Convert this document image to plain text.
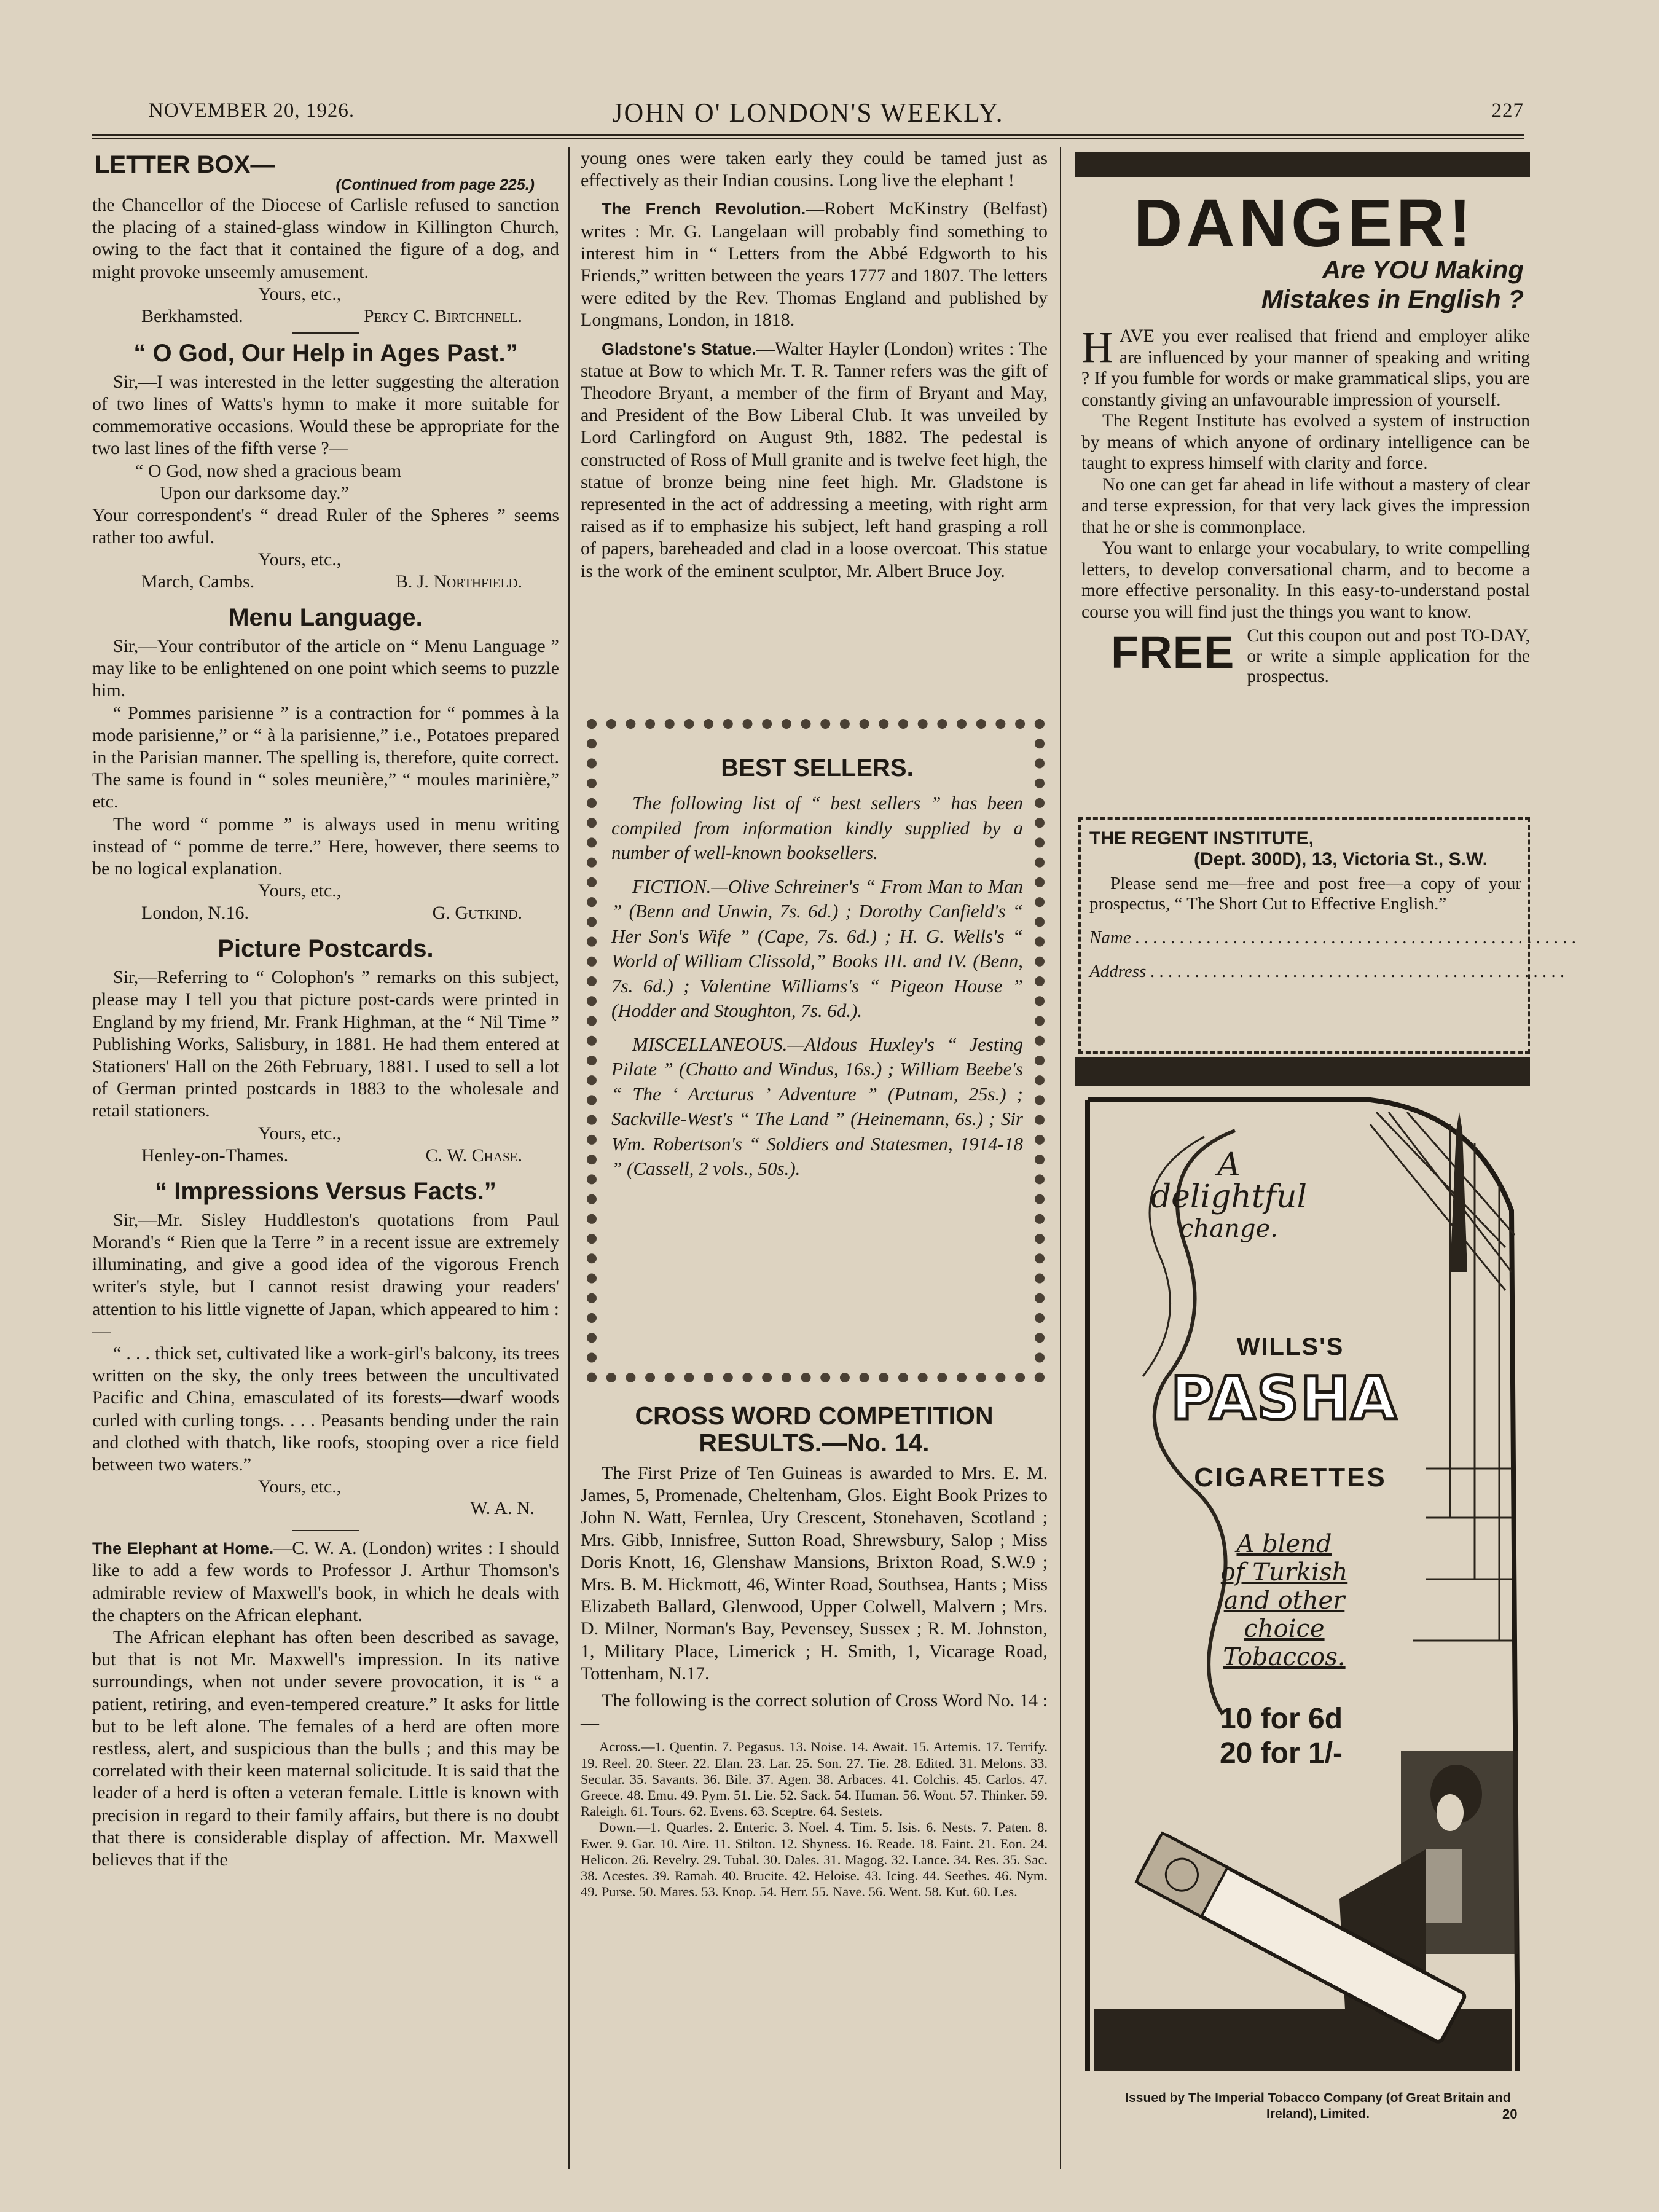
NOVEMBER 20, 1926.	JOHN O' LONDON'S WEEKLY.	227
LETTER BOX—
(Continued from page 225.)

the Chancellor of the Diocese of Carlisle refused to sanction the placing of a stained-glass window in Killington Church, owing to the fact that it contained the figure of a dog, and might provoke unseemly amusement.

Yours, etc.,
Berkhamsted.	Percy C. Birtchnell.
“ O God, Our Help in Ages Past.”

Sir,—I was interested in the letter suggesting the alteration of two lines of Watts's hymn to make it more suitable for commemorative occasions. Would these be appropriate for the two last lines of the fifth verse ?—

“ O God, now shed a gracious beam
Upon our darksome day.”

Your correspondent's “ dread Ruler of the Spheres ” seems rather too awful.

Yours, etc.,
March, Cambs.	B. J. Northfield.
Menu Language.

Sir,—Your contributor of the article on “ Menu Language ” may like to be enlightened on one point which seems to puzzle him.

“ Pommes parisienne ” is a contraction for “ pommes à la mode parisienne,” or “ à la parisienne,” i.e., Potatoes prepared in the Parisian manner. The spelling is, therefore, quite correct. The same is found in “ soles meunière,” “ moules marinière,” etc.

The word “ pomme ” is always used in menu writing instead of “ pomme de terre.” Here, however, there seems to be no logical explanation.

Yours, etc.,
London, N.16.	G. Gutkind.
Picture Postcards.

Sir,—Referring to “ Colophon's ” remarks on this subject, please may I tell you that picture post-cards were printed in England by my friend, Mr. Frank Highman, at the “ Nil Time ” Publishing Works, Salisbury, in 1881. He had them entered at Stationers' Hall on the 26th February, 1881. I used to sell a lot of German printed postcards in 1883 to the wholesale and retail stationers.

Yours, etc.,
Henley-on-Thames.	C. W. Chase.
“ Impressions Versus Facts.”

Sir,—Mr. Sisley Huddleston's quotations from Paul Morand's “ Rien que la Terre ” in a recent issue are extremely illuminating, and give a good idea of the vigorous French writer's style, but I cannot resist drawing your readers' attention to his little vignette of Japan, which appeared to him :—

“ . . . thick set, cultivated like a work-girl's balcony, its trees written on the sky, the only trees between the uncultivated Pacific and China, emasculated of its forests—dwarf woods curled with curling tongs. . . . Peasants bending under the rain and clothed with thatch, like roofs, stooping over a rice field between two waters.”

Yours, etc.,
W. A. N.

The Elephant at Home.—C. W. A. (London) writes : I should like to add a few words to Professor J. Arthur Thomson's admirable review of Maxwell's book, in which he deals with the chapters on the African elephant.

The African elephant has often been described as savage, but that is not Mr. Maxwell's impression. In its native surroundings, when not under severe provocation, it is “ a patient, retiring, and even-tempered creature.” It asks for little but to be left alone. The females of a herd are often more restless, alert, and suspicious than the bulls ; and this may be correlated with their keen maternal solicitude. It is said that the leader of a herd is often a veteran female. Little is known with precision in regard to their family affairs, but there is no doubt that there is considerable display of affection. Mr. Maxwell believes that if the

young ones were taken early they could be tamed just as effectively as their Indian cousins. Long live the elephant !

The French Revolution.—Robert McKinstry (Belfast) writes : Mr. G. Langelaan will probably find something to interest him in “ Letters from the Abbé Edgworth to his Friends,” written between the years 1777 and 1807. The letters were edited by the Rev. Thomas England and published by Longmans, London, in 1818.

Gladstone's Statue.—Walter Hayler (London) writes : The statue at Bow to which Mr. T. R. Tanner refers was the gift of Theodore Bryant, a member of the firm of Bryant and May, and President of the Bow Liberal Club. It was unveiled by Lord Carlingford on August 9th, 1882. The pedestal is constructed of Ross of Mull granite and is twelve feet high, the statue of bronze being nine feet high. Mr. Gladstone is represented in the act of addressing a meeting, with right arm raised as if to emphasize his subject, left hand grasping a roll of papers, bareheaded and clad in a loose overcoat. This statue is the work of the eminent sculptor, Mr. Albert Bruce Joy.

BEST SELLERS.

The following list of “ best sellers ” has been compiled from information kindly supplied by a number of well-known booksellers.

FICTION.—Olive Schreiner's “ From Man to Man ” (Benn and Unwin, 7s. 6d.) ; Dorothy Canfield's “ Her Son's Wife ” (Cape, 7s. 6d.) ; H. G. Wells's “ World of William Clissold,” Books III. and IV. (Benn, 7s. 6d.) ; Valentine Williams's “ Pigeon House ” (Hodder and Stoughton, 7s. 6d.).

MISCELLANEOUS.—Aldous Huxley's “ Jesting Pilate ” (Chatto and Windus, 16s.) ; William Beebe's “ The ‘ Arcturus ’ Adventure ” (Putnam, 25s.) ; Sackville-West's “ The Land ” (Heinemann, 6s.) ; Sir Wm. Robertson's “ Soldiers and Statesmen, 1914-18 ” (Cassell, 2 vols., 50s.).

CROSS WORD COMPETITION
RESULTS.—No. 14.

The First Prize of Ten Guineas is awarded to Mrs. E. M. James, 5, Promenade, Cheltenham, Glos. Eight Book Prizes to John N. Watt, Fernlea, Ury Crescent, Stonehaven, Scotland ; Mrs. Gibb, Innisfree, Sutton Road, Shrewsbury, Salop ; Miss Doris Knott, 16, Glenshaw Mansions, Brixton Road, S.W.9 ; Mrs. B. M. Hickmott, 46, Winter Road, Southsea, Hants ; Miss Elizabeth Ballard, Glenwood, Upper Colwell, Malvern ; Mrs. D. Milner, Norman's Bay, Pevensey, Sussex ; R. M. Johnston, 1, Military Place, Limerick ; H. Smith, 1, Vicarage Road, Tottenham, N.17.

The following is the correct solution of Cross Word No. 14 :—

Across.—1. Quentin. 7. Pegasus. 13. Noise. 14. Await. 15. Artemis. 17. Terrify. 19. Reel. 20. Steer. 22. Elan. 23. Lar. 25. Son. 27. Tie. 28. Edited. 31. Melons. 33. Secular. 35. Savants. 36. Bile. 37. Agen. 38. Arbaces. 41. Colchis. 45. Carlos. 47. Greece. 48. Emu. 49. Pym. 51. Lie. 52. Sack. 54. Human. 56. Wont. 57. Thinker. 59. Raleigh. 61. Tours. 62. Evens. 63. Sceptre. 64. Sestets.
Down.—1. Quarles. 2. Enteric. 3. Noel. 4. Tim. 5. Isis. 6. Nests. 7. Paten. 8. Ewer. 9. Gar. 10. Aire. 11. Stilton. 12. Shyness. 16. Reade. 18. Faint. 21. Eon. 24. Helicon. 26. Revelry. 29. Tubal. 30. Dales. 31. Magog. 32. Lance. 34. Res. 35. Sac. 38. Acestes. 39. Ramah. 40. Brucite. 42. Heloise. 43. Icing. 44. Seethes. 46. Nym. 49. Purse. 50. Mares. 53. Knop. 54. Herr. 55. Nave. 56. Went. 58. Kut. 60. Les.
DANGER!
Are YOU Making
Mistakes in English ?

HAVE you ever realised that friend and employer alike are influenced by your manner of speaking and writing ? If you fumble for words or make grammatical slips, you are constantly giving an unfavourable impression of yourself.

The Regent Institute has evolved a system of instruction by means of which anyone of ordinary intelligence can be taught to express himself with clarity and force.

No one can get far ahead in life without a mastery of clear and terse expression, for that very lack gives the impression that he or she is commonplace.

You want to enlarge your vocabulary, to write compelling letters, to develop conversational charm, and to become a more effective personality. In this easy-to-understand postal course you will find just the things you want to know.

FREE Cut this coupon out and post TO-DAY, or write a simple application for the prospectus.
THE REGENT INSTITUTE,
(Dept. 300D), 13, Victoria St., S.W.

Please send me—free and post free—a copy of your prospectus, “ The Short Cut to Effective English.”

Name . . . . . . . . . . . . . . . . . . . . . . . . . . . . . . . . . . . . . . . . . . . . . . . . . .
Address . . . . . . . . . . . . . . . . . . . . . . . . . . . . . . . . . . . . . . . . . . . . . . .
A delightful
change.
WILLS'S
PASHA
CIGARETTES
A blend
of Turkish
and other
choice
Tobaccos.
10 for 6d
20 for 1/-
Issued by The Imperial Tobacco Company (of Great Britain and Ireland), Limited.	20
